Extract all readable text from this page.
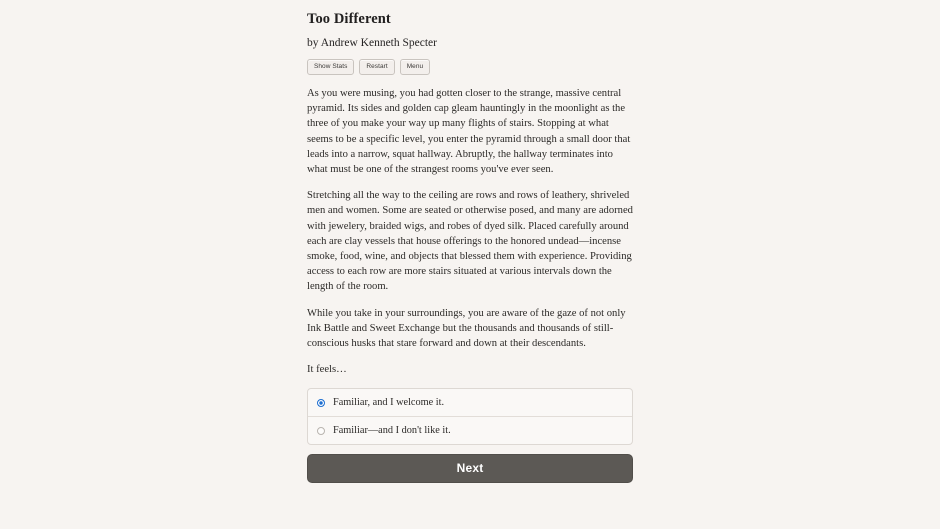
Too Different
by Andrew Kenneth Specter
Show Stats	Restart	Menu

As you were musing, you had gotten closer to the strange, massive central pyramid. Its sides and golden cap gleam hauntingly in the moonlight as the three of you make your way up many flights of stairs. Stopping at what seems to be a specific level, you enter the pyramid through a small door that leads into a narrow, squat hallway. Abruptly, the hallway terminates into what must be one of the strangest rooms you've ever seen.

Stretching all the way to the ceiling are rows and rows of leathery, shriveled men and women. Some are seated or otherwise posed, and many are adorned with jewelery, braided wigs, and robes of dyed silk. Placed carefully around each are clay vessels that house offerings to the honored undead—incense smoke, food, wine, and objects that blessed them with experience. Providing access to each row are more stairs situated at various intervals down the length of the room.

While you take in your surroundings, you are aware of the gaze of not only Ink Battle and Sweet Exchange but the thousands and thousands of still-conscious husks that stare forward and down at their descendants.

It feels…
Familiar, and I welcome it.
Familiar—and I don't like it.
Next
